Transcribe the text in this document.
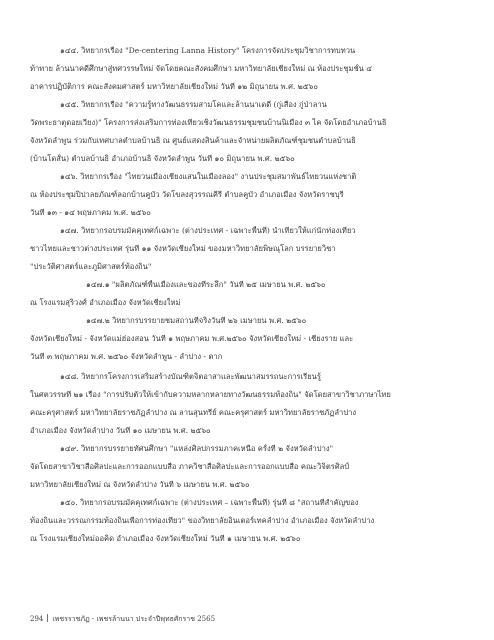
๑๔๔. วิทยากรเรื่อง "De-centering Lanna History" โครงการจัดประชุมวิชาการทบทวน
ท้าทาย ล้านนาคดีศึกษาสู่ทศวรรษใหม่ จัดโดยคณะสังคมศึกษา มหาวิทยาลัยเชียงใหม่ ณ ห้องประชุมชั้น ๔
อาคารปฏิบัติการ คณะสังคมศาสตร์ มหาวิทยาลัยเชียงใหม่ วันที่ ๑๒ มิถุนายน พ.ศ. ๒๕๖๐
๑๔๕. วิทยากรเรื่อง "ความรู้ทางวัฒนธรรมสามโคและล้านนาเดดี (กู่เสือง กู่ป่าลาน
วัดพระธาตุดอยเวียง)" โครงการส่งเสริมการท่องเที่ยวเชิงวัฒนธรรมชุมชนบ้านนิเมือง ๓ ไค จัดโดยอำเภอบ้านธิ
จังหวัดลำพูน ร่วมกับเทศบาลตำบลบ้านธิ ณ ศูนย์แสดงสินค้าและจำหน่ายผลิตภัณฑ์ชุมชนตำบลบ้านธิ
(บ้านโดสั้น) ตำบลบ้านธิ อำเภอบ้านธิ จังหวัดลำพูน วันที่ ๑๐ มิถุนายน พ.ศ. ๒๕๖๐
๑๔๖. วิทยากรเรื่อง "ไทยวนเมืองเชียงแสนในเมืองลอง" งานประชุมสมาพันธ์ไทยวนแห่งชาติ
ณ ห้องประชุมปิปาลยภัณฑ์ลอกบ้านคูบัว วัดโขลงสุวรรณคีรี ตำบลคูบัว อำเภอเมือง จังหวัดราชบุรี
วันที่ ๑๓ - ๑๔ พฤษภาคม พ.ศ. ๒๕๖๐
๑๔๗. วิทยากรอบรมมัคคุเทศก์เฉพาะ (ต่างประเทศ - เฉพาะพื้นที่) นำเที่ยวให้แก่นักท่องเที่ยว
ชาวไทยและชาวต่างประเทศ รุ่นที่ ๑๑ จังหวัดเชียงใหม่ ของมหาวิทยาลัยพิษณุโลก บรรยายวิชา
"ประวัติศาสตร์และภูมิศาสตร์ท้องถิ่น"
๑๔๗.๑ "ผลิตภัณฑ์พื้นเมืองและของที่ระลึก" วันที่ ๒๕ เมษายน พ.ศ. ๒๕๖๐
ณ โรงแรมสุริวงศ์ อำเภอเมือง จังหวัดเชียงใหม่
๑๔๗.๒ วิทยากรบรรยายชมสถานที่จริงวันที่ ๒๖ เมษายน พ.ศ. ๒๕๖๐
จังหวัดเชียงใหม่ - จังหวัดแม่ฮ่องสอน วันที่ ๑ พฤษภาคม พ.ศ.๒๕๖๐ จังหวัดเชียงใหม่ - เชียงราย และ
วันที่ ๓ พฤษภาคม พ.ศ. ๒๕๖๐ จังหวัดลำพูน - ลำปาง - ตาก
๑๔๘. วิทยากรโครงการเสริมสร้างบัณฑิตจิตอาสาและพัฒนาสมรรถนะการเรียนรู้
ในศตวรรษที่ ๒๑ เรื่อง "การปรับตัวให้เข้ากับความหลากหลายทางวัฒนธรรมท้องถิ่น" จัดโดยสาขาวิชาภาษาไทย
คณะครุศาสตร์ มหาวิทยาลัยราชภัฏลำปาง ณ ลานสุนทรีย์ คณะครุศาสตร์ มหาวิทยาลัยราชภัฏลำปาง
อำเภอเมือง จังหวัดลำปาง วันที่ ๑๐ เมษายน พ.ศ. ๒๕๖๐
๑๔๙. วิทยากรบรรยายทัศนศึกษา "แหล่งศิลปกรรมภาคเหนือ ครั้งที่ ๒ จังหวัดลำปาง"
จัดโดยสาขาวิชาสื่อศิลปะและการออกแบบสื่อ ภาควิชาสื่อศิลปะและการออกแบบสื่อ คณะวิจิตรศิลป์
มหาวิทยาลัยเชียงใหม่ ณ จังหวัดลำปาง วันที่ ๖ เมษายน พ.ศ. ๒๕๖๐
๑๕๐. วิทยากรอบรมมัคคุเทศก์เฉพาะ (ต่างประเทศ – เฉพาะพื้นที่) รุ่นที่ ๘ "สถานที่สำคัญของ
ท้องถิ่นและวรรณกรรมท้องถิ่นเพื่อการท่องเที่ยว" ของวิทยาลัยอินเตอร์เทคลำปาง อำเภอเมือง จังหวัดลำปาง
ณ โรงแรมเชียงใหม่ออคิด อำเภอเมือง จังหวัดเชียงใหม่ วันที่ ๑ เมษายน พ.ศ. ๒๕๖๐
294 เพชรราชภัฏ - เพชรล้านนา ประจำปีพุทธศักราช 2565
